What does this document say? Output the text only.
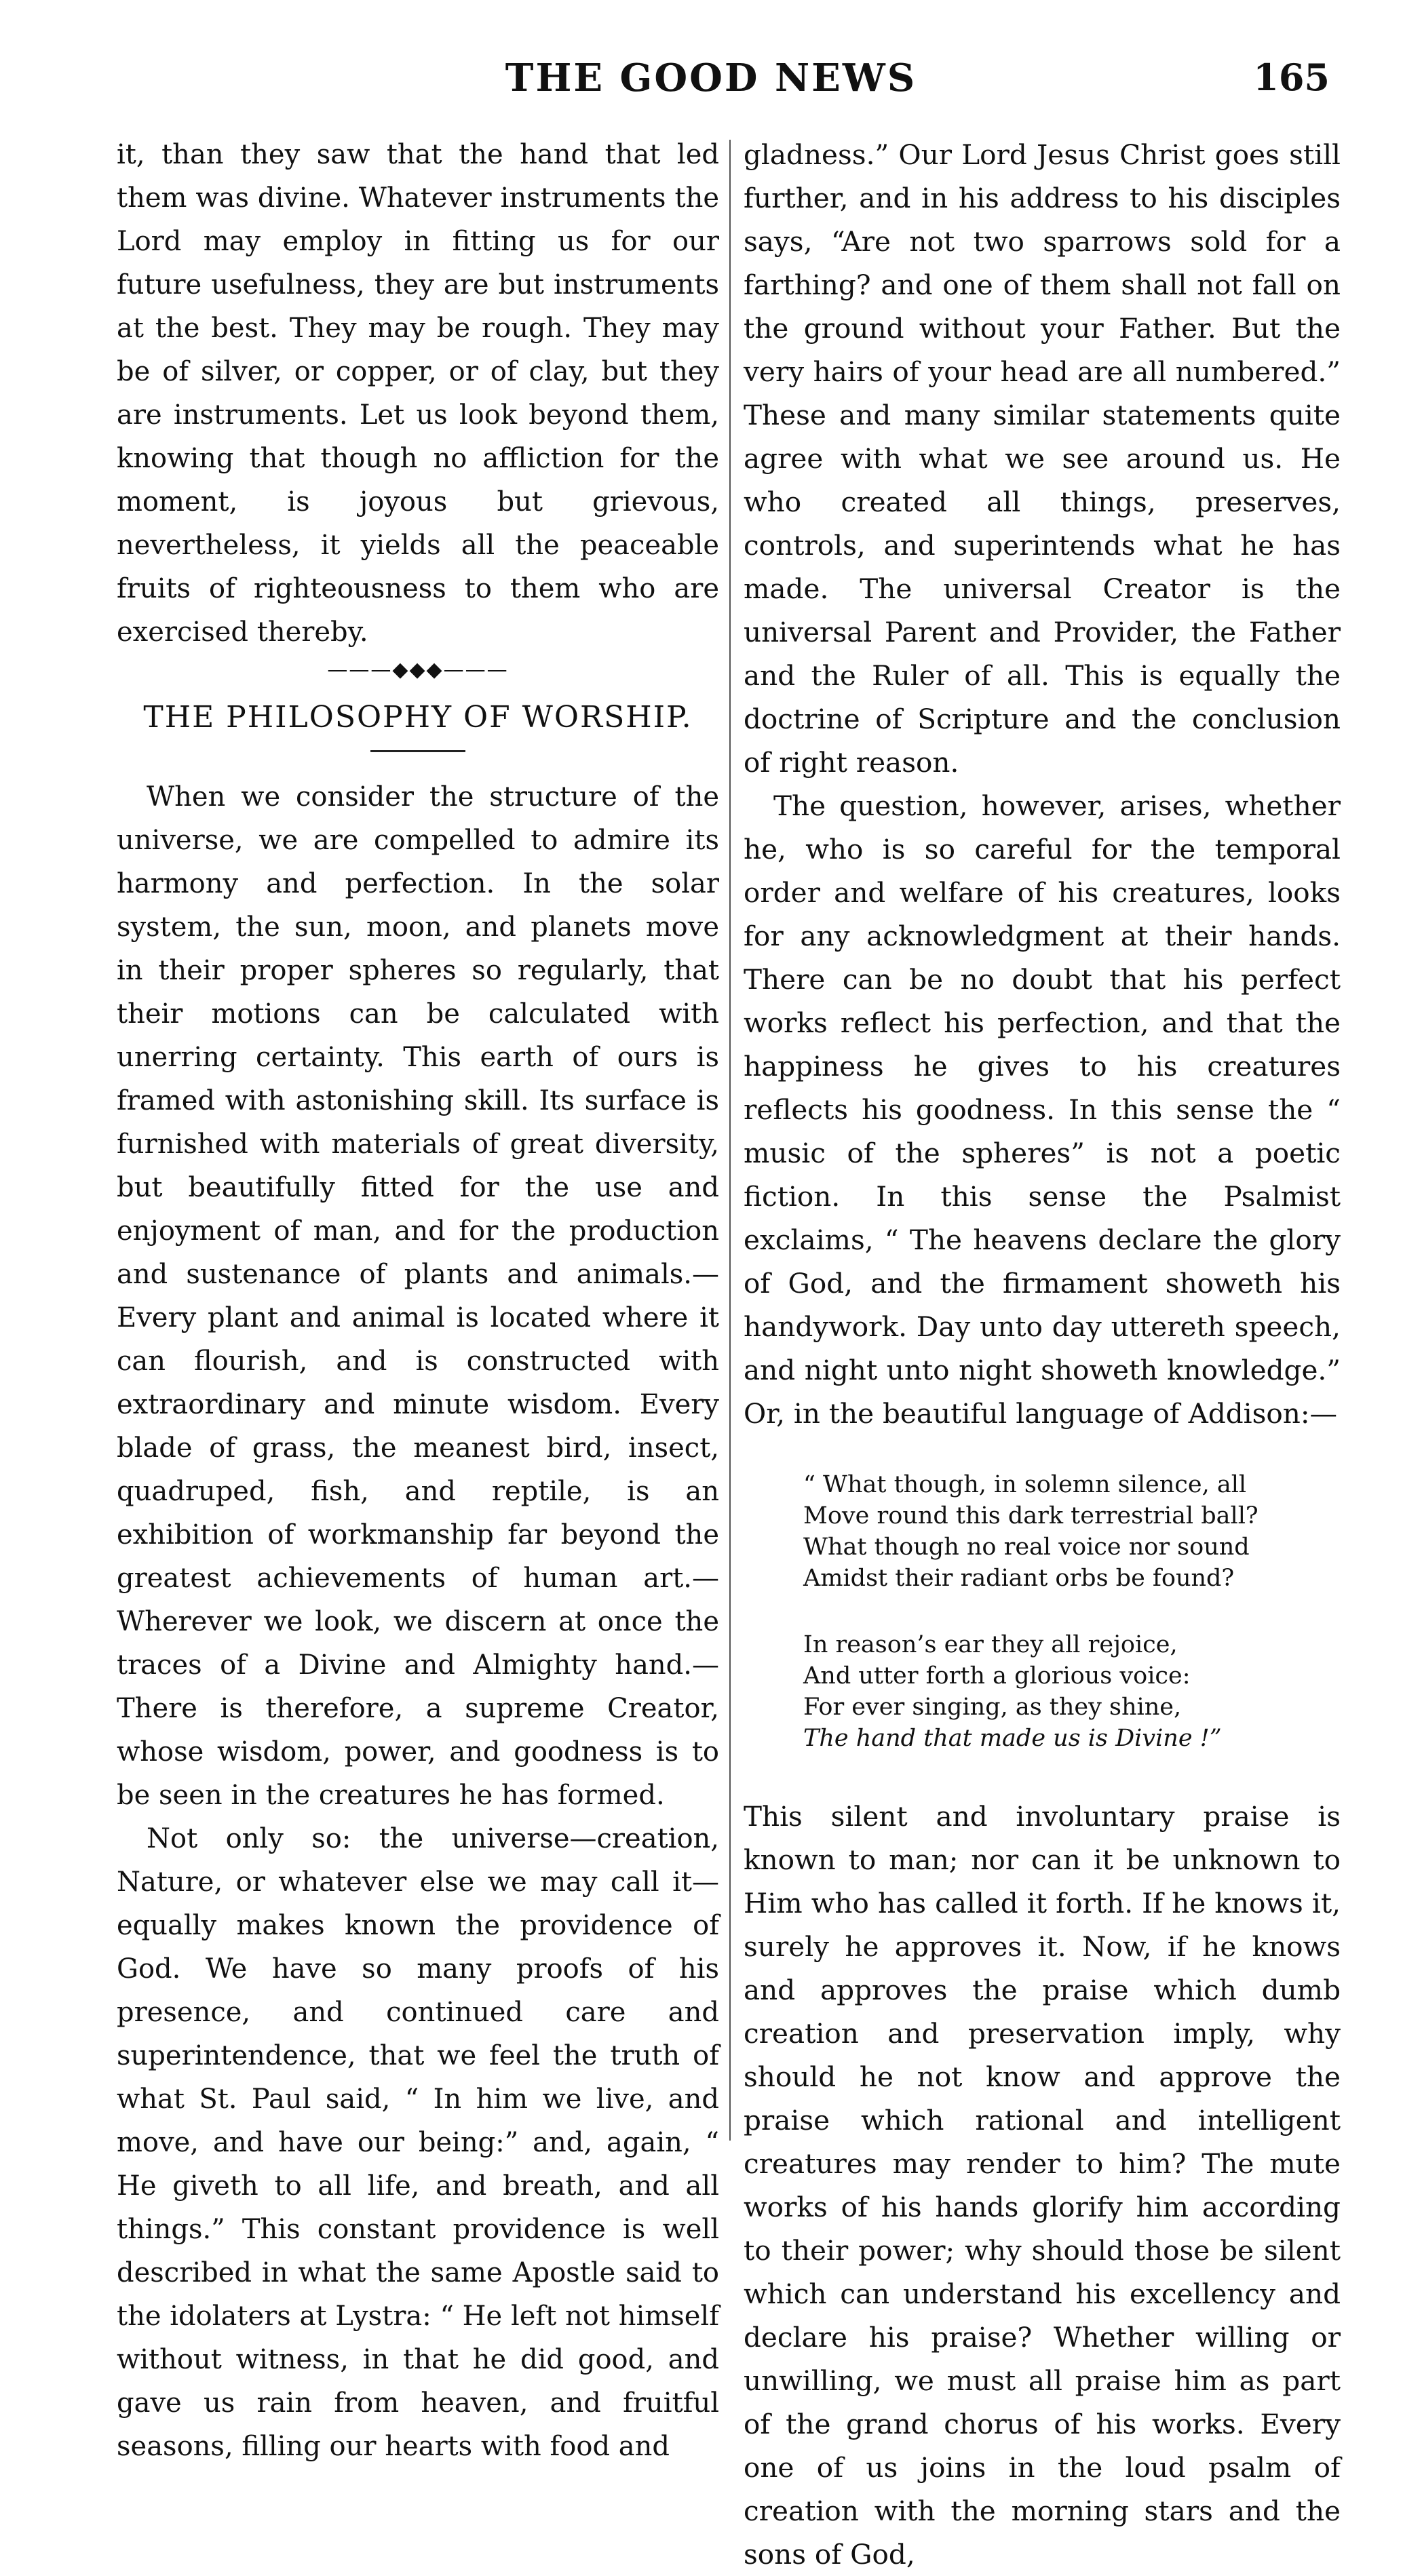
THE GOOD NEWS	165

it, than they saw that the hand that led them was divine. Whatever instruments the Lord may employ in fitting us for our future usefulness, they are but instruments at the best. They may be rough. They may be of silver, or copper, or of clay, but they are instruments. Let us look beyond them, knowing that though no affliction for the moment, is joyous but grievous, nevertheless, it yields all the peaceable fruits of righteousness to them who are exercised thereby.

———◆◆◆———
THE PHILOSOPHY OF WORSHIP.

When we consider the structure of the universe, we are compelled to admire its harmony and perfection. In the solar system, the sun, moon, and planets move in their proper spheres so regularly, that their motions can be calculated with unerring certainty. This earth of ours is framed with astonishing skill. Its surface is furnished with materials of great diversity, but beautifully fitted for the use and enjoyment of man, and for the production and sustenance of plants and animals.— Every plant and animal is located where it can flourish, and is constructed with extraordinary and minute wisdom. Every blade of grass, the meanest bird, insect, quadruped, fish, and reptile, is an exhibition of workmanship far beyond the greatest achievements of human art.— Wherever we look, we discern at once the traces of a Divine and Almighty hand.— There is therefore, a supreme Creator, whose wisdom, power, and goodness is to be seen in the creatures he has formed.

Not only so: the universe—creation, Nature, or whatever else we may call it— equally makes known the providence of God. We have so many proofs of his presence, and continued care and superintendence, that we feel the truth of what St. Paul said, “ In him we live, and move, and have our being:” and, again, “ He giveth to all life, and breath, and all things.” This constant providence is well described in what the same Apostle said to the idolaters at Lystra: “ He left not himself without witness, in that he did good, and gave us rain from heaven, and fruitful seasons, filling our hearts with food and

gladness.” Our Lord Jesus Christ goes still further, and in his address to his disciples says, “Are not two sparrows sold for a farthing? and one of them shall not fall on the ground without your Father. But the very hairs of your head are all numbered.” These and many similar statements quite agree with what we see around us. He who created all things, preserves, controls, and superintends what he has made. The universal Creator is the universal Parent and Provider, the Father and the Ruler of all. This is equally the doctrine of Scripture and the conclusion of right reason.

The question, however, arises, whether he, who is so careful for the temporal order and welfare of his creatures, looks for any acknowledgment at their hands. There can be no doubt that his perfect works reflect his perfection, and that the happiness he gives to his creatures reflects his goodness. In this sense the “ music of the spheres” is not a poetic fiction. In this sense the Psalmist exclaims, “ The heavens declare the glory of God, and the firmament showeth his handywork. Day unto day uttereth speech, and night unto night showeth knowledge.” Or, in the beautiful language of Addison:—

“ What though, in solemn silence, all
Move round this dark terrestrial ball?
What though no real voice nor sound
Amidst their radiant orbs be found?
In reason’s ear they all rejoice,
And utter forth a glorious voice:
For ever singing, as they shine,
The hand that made us is Divine !”

This silent and involuntary praise is known to man; nor can it be unknown to Him who has called it forth. If he knows it, surely he approves it. Now, if he knows and approves the praise which dumb creation and preservation imply, why should he not know and approve the praise which rational and intelligent creatures may render to him? The mute works of his hands glorify him according to their power; why should those be silent which can understand his excellency and declare his praise? Whether willing or unwilling, we must all praise him as part of the grand chorus of his works. Every one of us joins in the loud psalm of creation with the morning stars and the sons of God,
